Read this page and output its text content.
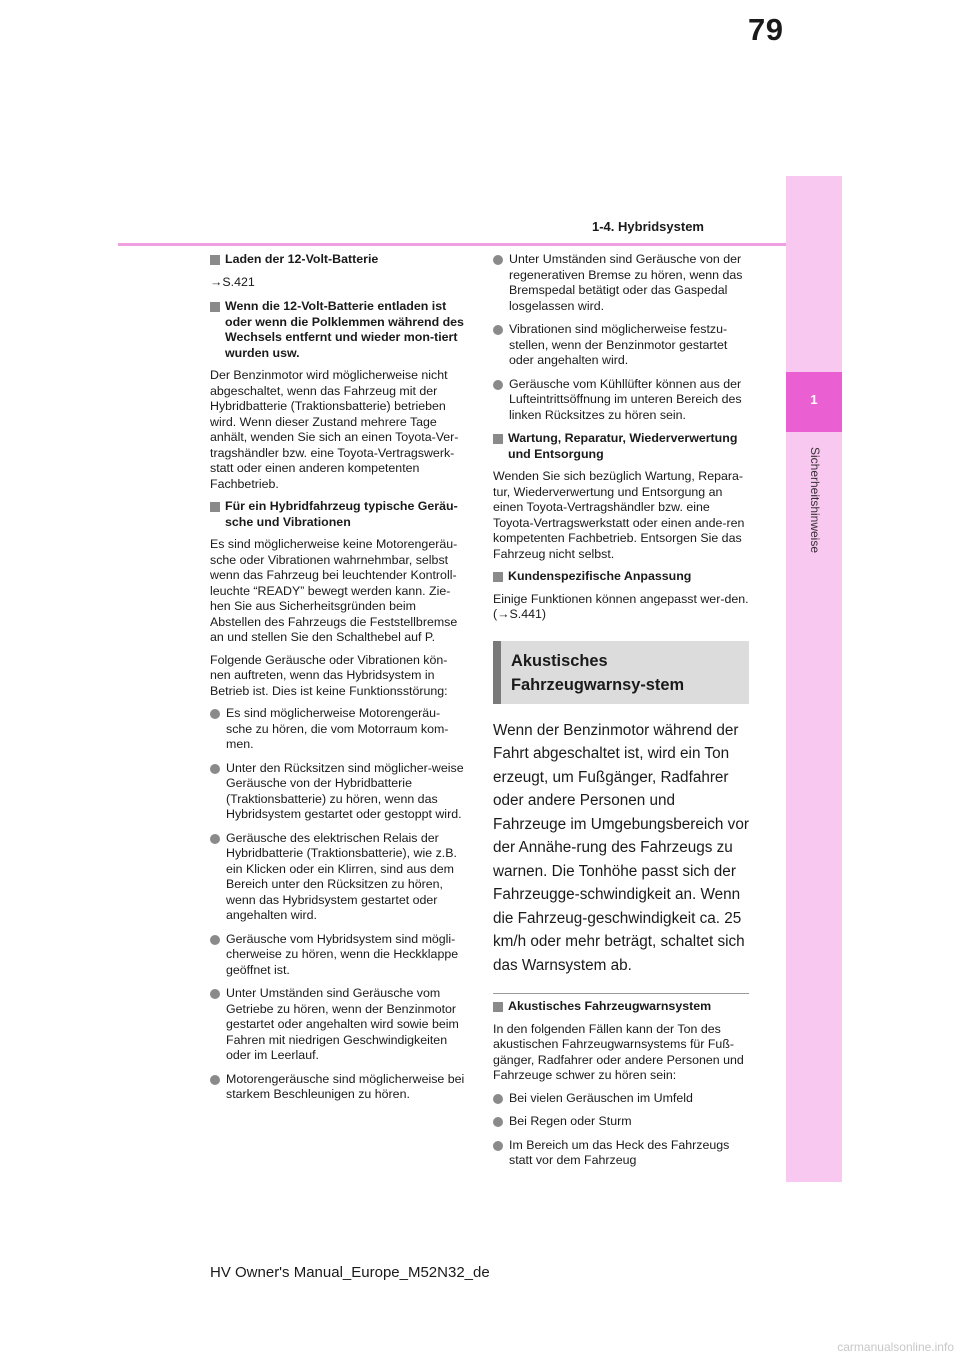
79
1-4. Hybridsystem
1
Sicherheitshinweise
Laden der 12-Volt-Batterie

→S.421

Wenn die 12-Volt-Batterie entladen ist oder wenn die Polklemmen während des Wechsels entfernt und wieder mon-tiert wurden usw.

Der Benzinmotor wird möglicherweise nicht abgeschaltet, wenn das Fahrzeug mit der Hybridbatterie (Traktionsbatterie) betrieben wird. Wenn dieser Zustand mehrere Tage anhält, wenden Sie sich an einen Toyota-Ver-tragshändler bzw. eine Toyota-Vertragswerk-statt oder einen anderen kompetenten Fachbetrieb.

Für ein Hybridfahrzeug typische Geräu-sche und Vibrationen

Es sind möglicherweise keine Motorengeräu-sche oder Vibrationen wahrnehmbar, selbst wenn das Fahrzeug bei leuchtender Kontroll-leuchte “READY” bewegt werden kann. Zie-hen Sie aus Sicherheitsgründen beim Abstellen des Fahrzeugs die Feststellbremse an und stellen Sie den Schalthebel auf P.

Folgende Geräusche oder Vibrationen kön-nen auftreten, wenn das Hybridsystem in Betrieb ist. Dies ist keine Funktionsstörung:

Es sind möglicherweise Motorengeräu-sche zu hören, die vom Motorraum kom-men.
Unter den Rücksitzen sind möglicher-weise Geräusche von der Hybridbatterie (Traktionsbatterie) zu hören, wenn das Hybridsystem gestartet oder gestoppt wird.
Geräusche des elektrischen Relais der Hybridbatterie (Traktionsbatterie), wie z.B. ein Klicken oder ein Klirren, sind aus dem Bereich unter den Rücksitzen zu hören, wenn das Hybridsystem gestartet oder angehalten wird.
Geräusche vom Hybridsystem sind mögli-cherweise zu hören, wenn die Heckklappe geöffnet ist.
Unter Umständen sind Geräusche vom Getriebe zu hören, wenn der Benzinmotor gestartet oder angehalten wird sowie beim Fahren mit niedrigen Geschwindigkeiten oder im Leerlauf.
Motorengeräusche sind möglicherweise bei starkem Beschleunigen zu hören.
Unter Umständen sind Geräusche von der regenerativen Bremse zu hören, wenn das Bremspedal betätigt oder das Gaspedal losgelassen wird.
Vibrationen sind möglicherweise festzu-stellen, wenn der Benzinmotor gestartet oder angehalten wird.
Geräusche vom Kühllüfter können aus der Lufteintrittsöffnung im unteren Bereich des linken Rücksitzes zu hören sein.
Wartung, Reparatur, Wiederverwertung und Entsorgung

Wenden Sie sich bezüglich Wartung, Repara-tur, Wiederverwertung und Entsorgung an einen Toyota-Vertragshändler bzw. eine Toyota-Vertragswerkstatt oder einen ande-ren kompetenten Fachbetrieb. Entsorgen Sie das Fahrzeug nicht selbst.

Kundenspezifische Anpassung

Einige Funktionen können angepasst wer-den. (→S.441)

Akustisches Fahrzeugwarnsy-stem

Wenn der Benzinmotor während der Fahrt abgeschaltet ist, wird ein Ton erzeugt, um Fußgänger, Radfahrer oder andere Personen und Fahrzeuge im Umgebungsbereich vor der Annähe-rung des Fahrzeugs zu warnen. Die Tonhöhe passt sich der Fahrzeugge-schwindigkeit an. Wenn die Fahrzeug-geschwindigkeit ca. 25 km/h oder mehr beträgt, schaltet sich das Warnsystem ab.

Akustisches Fahrzeugwarnsystem

In den folgenden Fällen kann der Ton des akustischen Fahrzeugwarnsystems für Fuß-gänger, Radfahrer oder andere Personen und Fahrzeuge schwer zu hören sein:

Bei vielen Geräuschen im Umfeld
Bei Regen oder Sturm
Im Bereich um das Heck des Fahrzeugs statt vor dem Fahrzeug
HV Owner's Manual_Europe_M52N32_de
carmanualsonline.info
